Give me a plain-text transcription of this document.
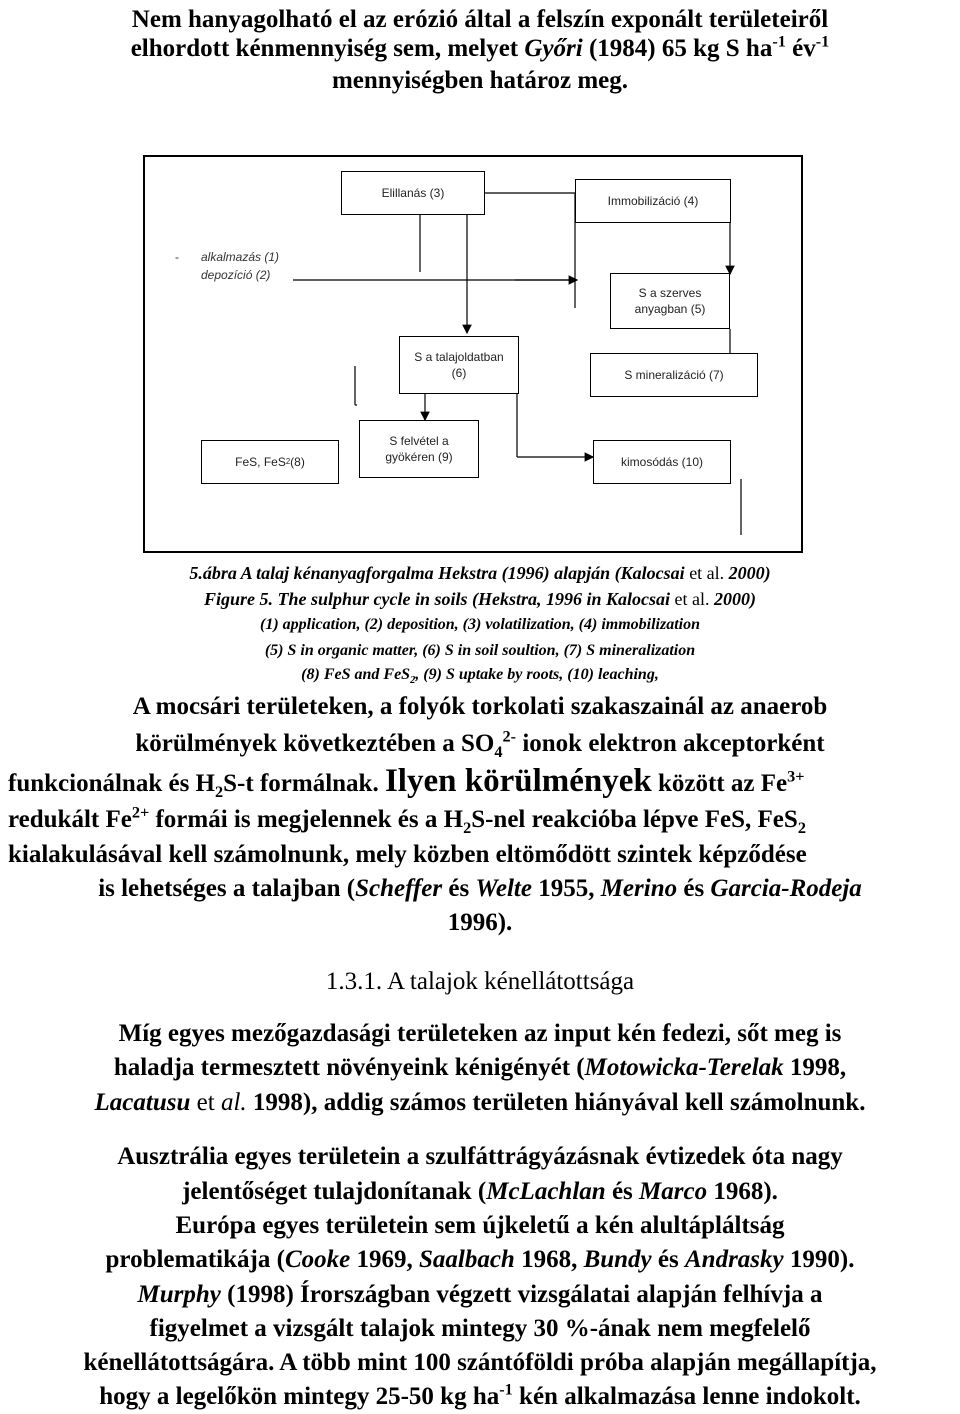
Nem hanyagolható el az erózió által a felszín exponált területeiről
elhordott kénmennyiség sem, melyet Győri (1984) 65 kg S $ha^{-1}$ $év^{-1}$
mennyiségben határoz meg.
Elillanás (3)
Immobilizáció (4)
- alkalmazás (1)
depozíció (2)
S a szerves
anyagban (5)
S a talajoldatban
(6)	S mineralizáció (7)
FeS, FeS 2 (8)
S felvétel a
gyökéren (9)	kimosódás (10)
5.ábra A talaj kénanyagforgalma Hekstra (1996) alapján (Kalocsai et al. 2000)
Figure 5. The sulphur cycle in soils (Hekstra, 1996 in Kalocsai et al. 2000)
(1) application, (2) deposition, (3) volatilization, (4) immobilization
(5) S in organic matter, (6) S in soil soultion, (7) S mineralization
(8) FeS and FeS$_2$, (9) S uptake by roots, (10) leaching,
A mocsári területeken, a folyók torkolati szakaszainál az anaerob
körülmények következtében a $SO_4^{2-}$ ionok elektron akceptorként
funkcionálnak és $H_2S-t$ formálnak. Ilyen körülmények között az $Fe^{3+}$
redukált $Fe^{2+}$ formái is megjelennek és a $H_2S$-nel reakcióba lépve FeS, FeS$_2$
kialakulásával kell számolnunk, mely közben eltömődött szintek képződése
is lehetséges a talajban (Scheffer és Welte 1955, Merino és Garcia-Rodeja
1996).
1.3.1. A talajok kénellátottsága
Míg egyes mezőgazdasági területeken az input kén fedezi, sőt meg is
haladja termesztett növényeink kénigényét (Motowicka-Terelak 1998,
Lacatusu et al. 1998), addig számos területen hiányával kell számolnunk.
Ausztrália egyes területein a szulfáttrágyázásnak évtizedek óta nagy
jelentőséget tulajdonítanak (McLachlan és Marco 1968).
Európa egyes területein sem újkeletű a kén alultápláltság
problematikája (Cooke 1969, Saalbach 1968, Bundy és Andrasky 1990).
Murphy (1998) Írországban végzett vizsgálatai alapján felhívja a
figyelmet a vizsgált talajok mintegy 30 %-ának nem megfelelő
kénellátottságára. A több mint 100 szántóföldi próba alapján megállapítja,
hogy a legelőkön mintegy 25-50 kg $ha^{-1}$ kén alkalmazása lenne indokolt.
